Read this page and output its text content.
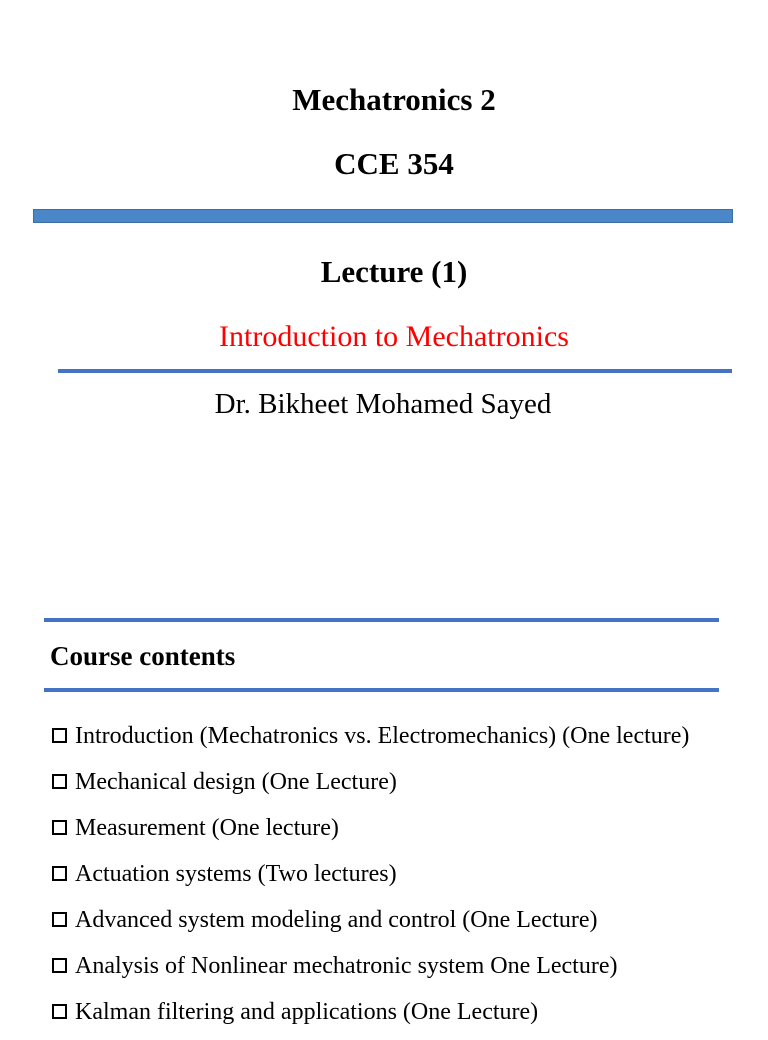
Mechatronics 2
CCE 354
Lecture (1)
Introduction to Mechatronics
Dr. Bikheet Mohamed Sayed
Course contents
Introduction (Mechatronics vs. Electromechanics) (One lecture)
Mechanical design (One Lecture)
Measurement (One lecture)
Actuation systems (Two lectures)
Advanced system modeling and control (One Lecture)
Analysis of Nonlinear mechatronic system One Lecture)
Kalman filtering and applications (One Lecture)
